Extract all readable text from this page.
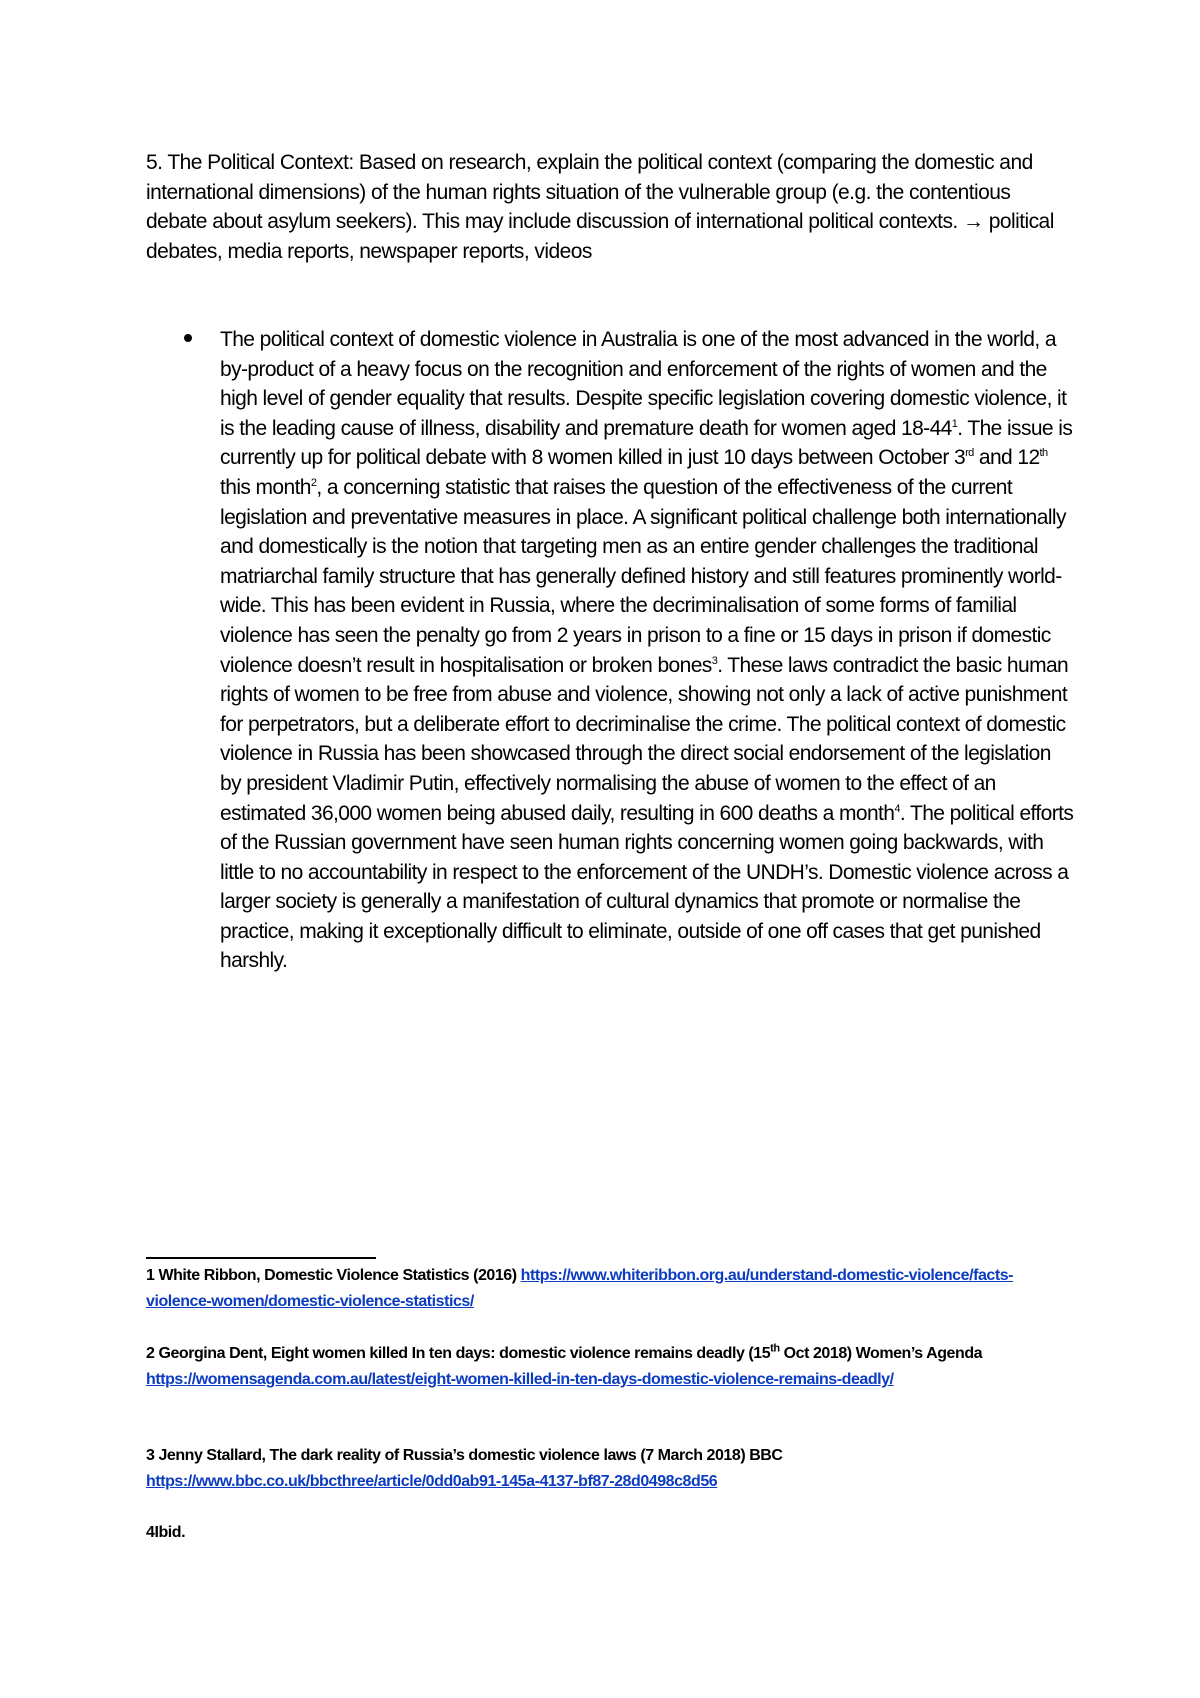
5. The Political Context: Based on research, explain the political context (comparing the domestic and international dimensions) of the human rights situation of the vulnerable group (e.g. the contentious debate about asylum seekers). This may include discussion of international political contexts. → political debates, media reports, newspaper reports, videos

The political context of domestic violence in Australia is one of the most advanced in the world, a by-product of a heavy focus on the recognition and enforcement of the rights of women and the high level of gender equality that results. Despite specific legislation covering domestic violence, it is the leading cause of illness, disability and premature death for women aged $18-44^1$. The issue is currently up for political debate with 8 women killed in just 10 days between October 3rd and 12th this month$^2$, a concerning statistic that raises the question of the effectiveness of the current legislation and preventative measures in place. A significant political challenge both internationally and domestically is the notion that targeting men as an entire gender challenges the traditional matriarchal family structure that has generally defined history and still features prominently world-wide. This has been evident in Russia, where the decriminalisation of some forms of familial violence has seen the penalty go from 2 years in prison to a fine or 15 days in prison if domestic violence doesn’t result in hospitalisation or broken bones$^3$. These laws contradict the basic human rights of women to be free from abuse and violence, showing not only a lack of active punishment for perpetrators, but a deliberate effort to decriminalise the crime. The political context of domestic violence in Russia has been showcased through the direct social endorsement of the legislation by president Vladimir Putin, effectively normalising the abuse of women to the effect of an estimated 36,000 women being abused daily, resulting in 600 deaths a month$^4$. The political efforts of the Russian government have seen human rights concerning women going backwards, with little to no accountability in respect to the enforcement of the UNDH’s. Domestic violence across a larger society is generally a manifestation of cultural dynamics that promote or normalise the practice, making it exceptionally difficult to eliminate, outside of one off cases that get punished harshly.

1 White Ribbon, Domestic Violence Statistics (2016) https://www.whiteribbon.org.au/understand-domestic-violence/facts-violence-women/domestic-violence-statistics/

2 Georgina Dent, Eight women killed In ten days: domestic violence remains deadly (15th Oct 2018) Women’s Agenda https://womensagenda.com.au/latest/eight-women-killed-in-ten-days-domestic-violence-remains-deadly/

3 Jenny Stallard, The dark reality of Russia’s domestic violence laws (7 March 2018) BBC https://www.bbc.co.uk/bbcthree/article/0dd0ab91-145a-4137-bf87-28d0498c8d56

4Ibid.
